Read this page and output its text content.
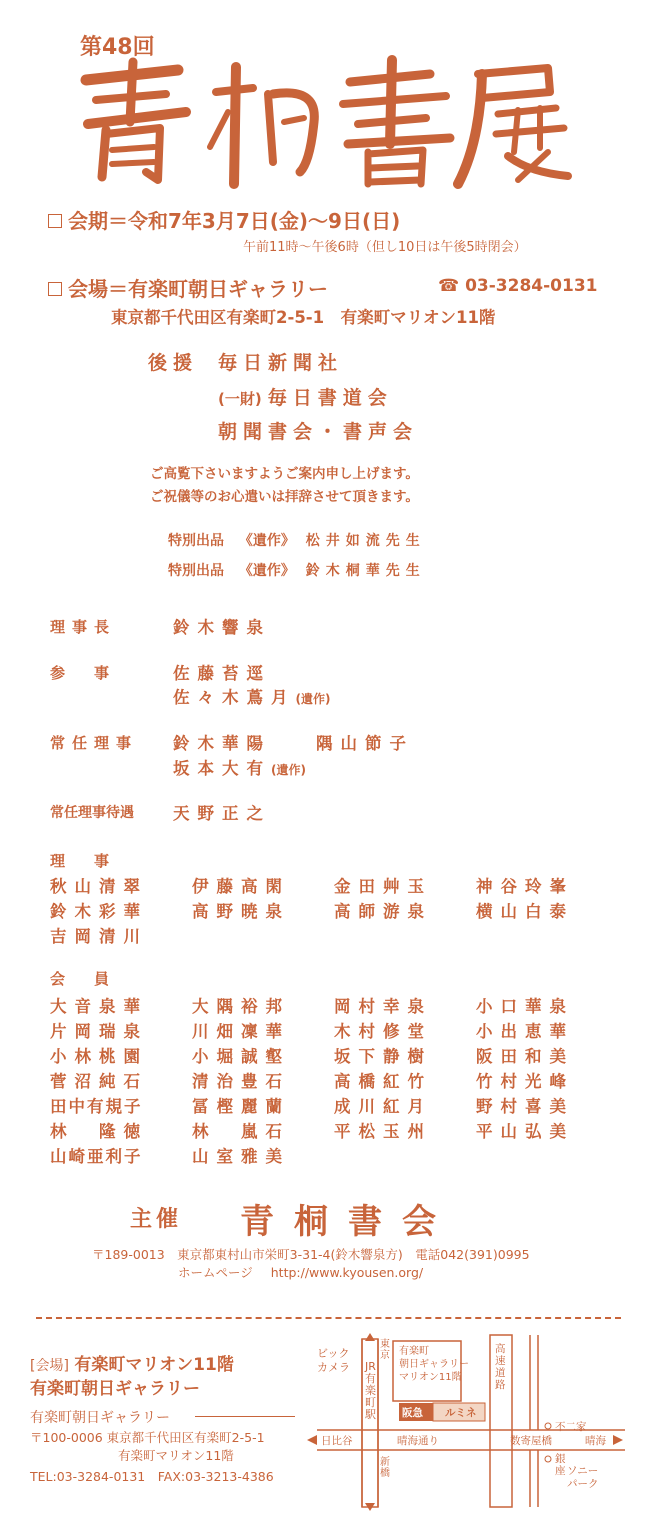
第48回
会期＝令和7年3月7日(金)～9日(日)
午前11時～午後6時（但し10日は午後5時閉会）
会場＝有楽町朝日ギャラリー	☎ 03-3284-0131
東京都千代田区有楽町2-5-1　有楽町マリオン11階
後援 毎日新聞社
(一財) 毎日書道会
朝聞書会・書声会
ご高覧下さいますようご案内申し上げます。
ご祝儀等のお心遣いは拝辞させて頂きます。
特別出品 《遺作》 松井如流先生
特別出品 《遺作》 鈴木桐華先生
理事長	鈴木響泉
参　事	佐藤苔逕
佐々木蔦月(遺作)
常任理事 鈴木華陽	隅山節子
坂本大有(遺作)
常任理事待遇 天野正之
理　事
秋山清翠	伊藤高閑	金田艸玉	神谷玲峯
鈴木彩華	高野暁泉	高師游泉	横山白泰
吉岡清川
会　員
大音泉華	大隅裕邦	岡村幸泉	小口華泉
片岡瑞泉	川畑凜華	木村修堂	小出恵華
小林桃園	小堀誠壑	坂下静樹	阪田和美
菅沼純石	清治豊石	高橋紅竹	竹村光峰
田中有規子	冨樫麗蘭	成川紅月	野村喜美
林　隆徳	林　嵐石	平松玉州	平山弘美
山崎亜利子	山室雅美
主催 青桐書会
〒189-0013　東京都東村山市栄町3-31-4(鈴木響泉方)　電話042(391)0995
ホームページ http://www.kyousen.org/
[会場] 有楽町マリオン11階
有楽町朝日ギャラリー
有楽町朝日ギャラリー
〒100-0006 東京都千代田区有楽町2-5-1
有楽町マリオン11階
TEL:03-3284-0131　FAX:03-3213-4386
ビック
カメラ
東京
JR有楽町駅
新橋
有楽町
朝日ギャラリー
マリオン11階
阪急 ルミネ
高速道路
日比谷	晴海通り	数寄屋橋	晴海
不二家
銀座 ソニー
パーク
